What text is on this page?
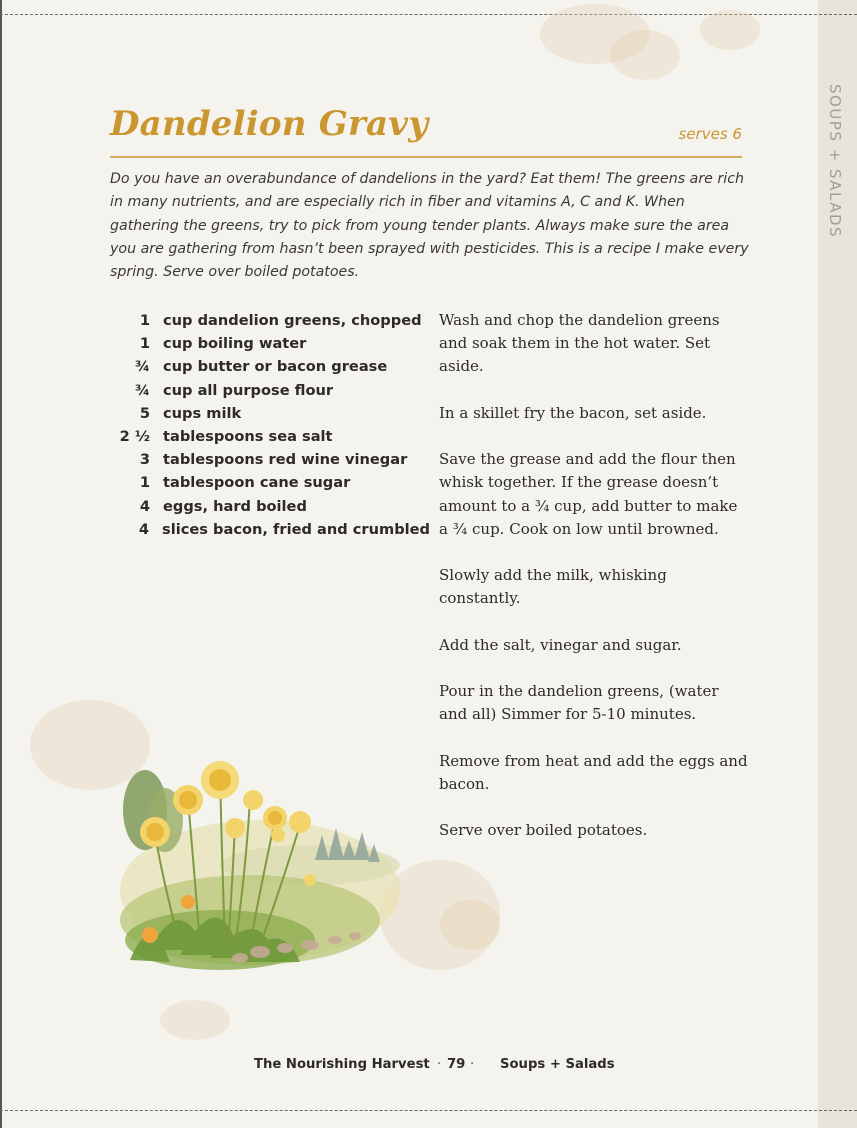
SOUPS + SALADS
Dandelion Gravy	serves 6
Do you have an overabundance of dandelions in the yard? Eat them! The greens are rich in many nutrients, and are especially rich in fiber and vitamins A, C and K. When gathering the greens, try to pick from young tender plants. Always make sure the area you are gathering from hasn’t been sprayed with pesticides. This is a recipe I make every spring. Serve over boiled potatoes.
1 cup dandelion greens, chopped
1 cup boiling water
¾ cup butter or bacon grease
¾ cup all purpose flour
5 cups milk
2 ½ tablespoons sea salt
3 tablespoons red wine vinegar
1 tablespoon cane sugar
4 eggs, hard boiled
4 slices bacon, fried and crumbled

Wash and chop the dandelion greens and soak them in the hot water. Set aside.

In a skillet fry the bacon, set aside.

Save the grease and add the flour then whisk together. If the grease doesn’t amount to a ¾ cup, add butter to make a ¾ cup. Cook on low until browned.

Slowly add the milk, whisking constantly.

Add the salt, vinegar and sugar.

Pour in the dandelion greens, (water and all) Simmer for 5-10 minutes.

Remove from heat and add the eggs and bacon.

Serve over boiled potatoes.

The Nourishing Harvest · 79 · Soups + Salads
